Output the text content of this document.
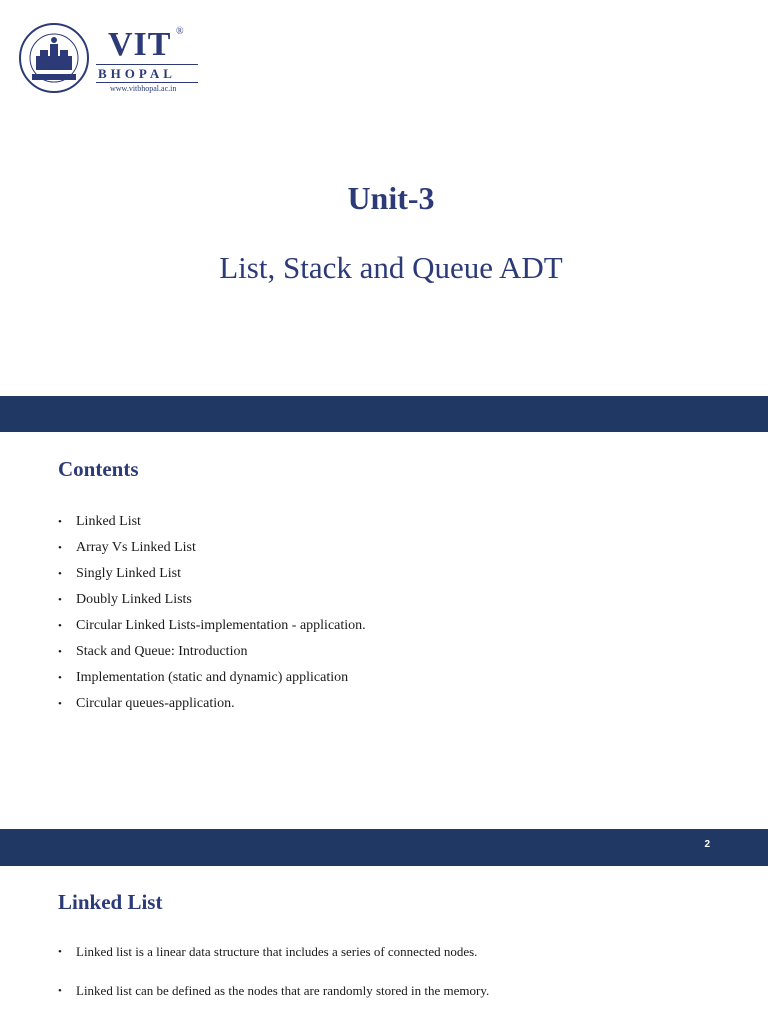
VIT ®
BHOPAL
www.vitbhopal.ac.in
Unit-3
List, Stack and Queue ADT
Contents
• Linked List
• Array Vs Linked List
• Singly Linked List
• Doubly Linked Lists
• Circular Linked Lists-implementation - application.
• Stack and Queue: Introduction
• Implementation (static and dynamic) application
• Circular queues-application.
2
Linked List
• Linked list is a linear data structure that includes a series of connected nodes.
• Linked list can be defined as the nodes that are randomly stored in the memory.
